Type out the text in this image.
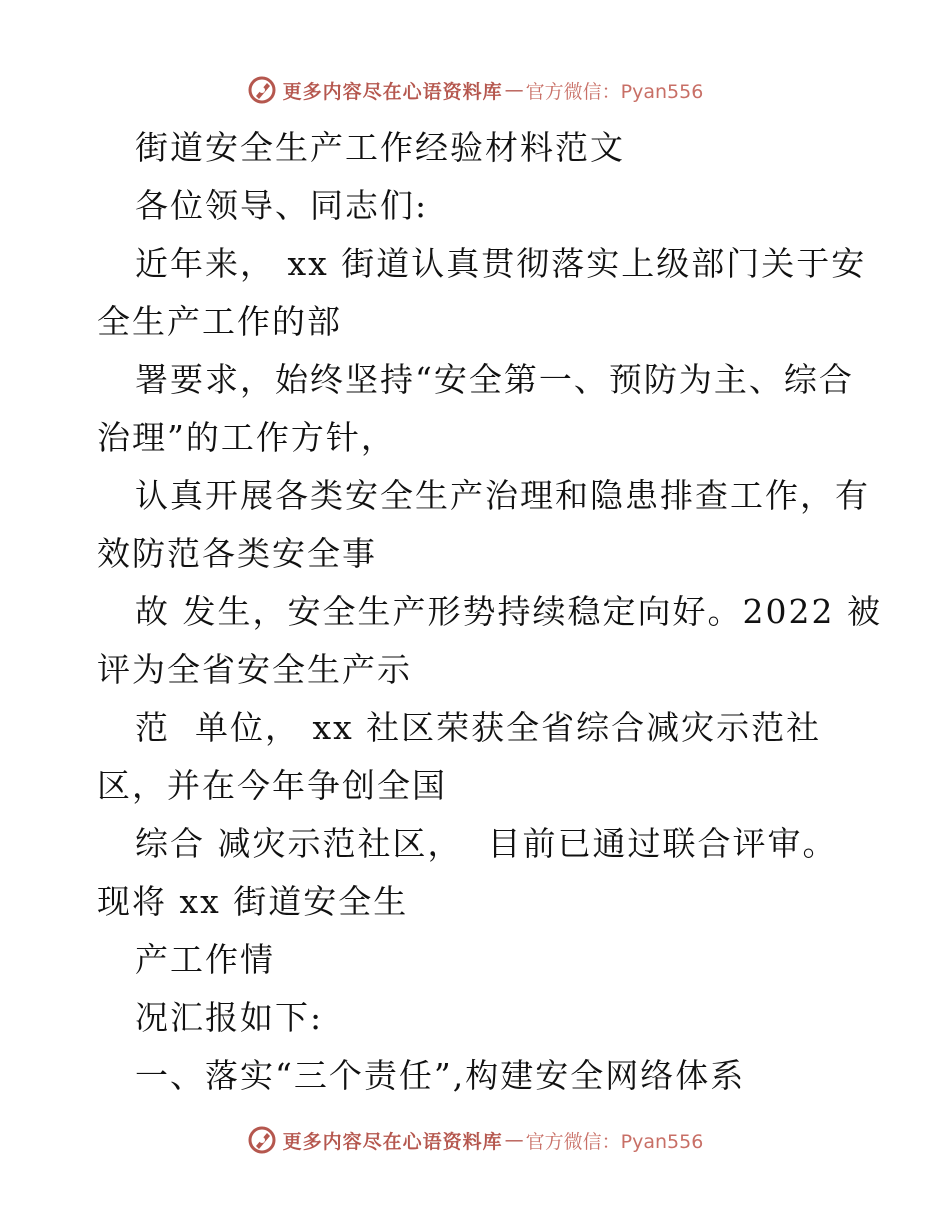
更多内容尽在心语资料库 — 官方微信：Pyan556
街道安全生产工作经验材料范文
各位领导、同志们:
近年来， xx 街道认真贯彻落实上级部门关于安
全生产工作的部
署要求，始终坚持“安全第一、预防为主、综合
治理”的工作方针，
认真开展各类安全生产治理和隐患排查工作，有
效防范各类安全事
故 发生，安全生产形势持续稳定向好。2022 被
评为全省安全生产示
范  单位， xx 社区荣获全省综合减灾示范社
区，并在今年争创全国
综合 减灾示范社区，  目前已通过联合评审。
现将 xx 街道安全生
产工作情
况汇报如下:
一、落实“三个责任”,构建安全网络体系
更多内容尽在心语资料库 — 官方微信：Pyan556
